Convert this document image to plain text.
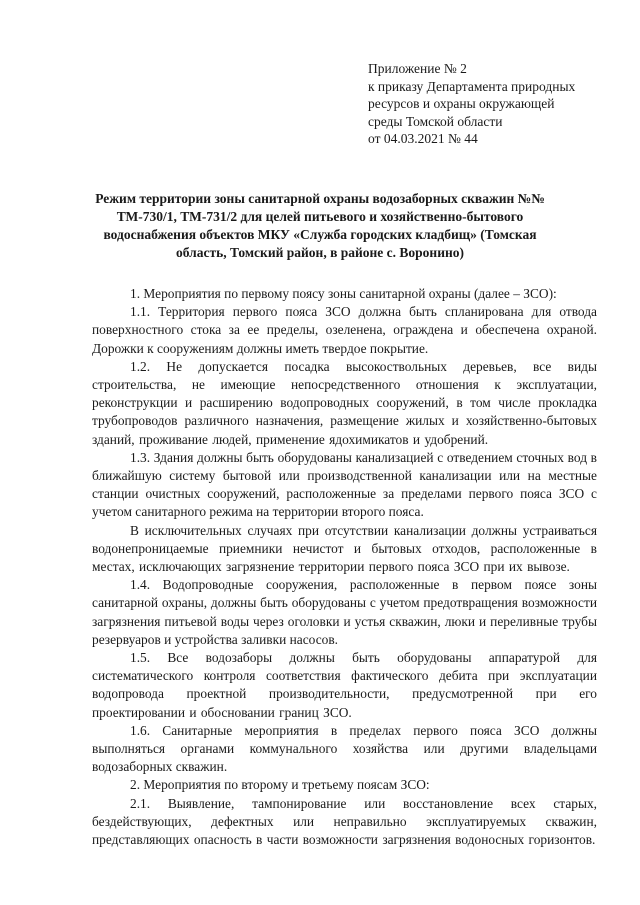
Приложение № 2
к приказу Департамента природных
ресурсов и охраны окружающей
среды Томской области
от 04.03.2021 № 44
Режим территории зоны санитарной охраны водозаборных скважин №№ ТМ-730/1, ТМ-731/2 для целей питьевого и хозяйственно-бытового водоснабжения объектов МКУ «Служба городских кладбищ» (Томская область, Томский район, в районе с. Воронино)

1. Мероприятия по первому поясу зоны санитарной охраны (далее – ЗСО):

1.1. Территория первого пояса ЗСО должна быть спланирована для отвода поверхностного стока за ее пределы, озеленена, ограждена и обеспечена охраной. Дорожки к сооружениям должны иметь твердое покрытие.

1.2. Не допускается посадка высокоствольных деревьев, все виды строительства, не имеющие непосредственного отношения к эксплуатации, реконструкции и расширению водопроводных сооружений, в том числе прокладка трубопроводов различного назначения, размещение жилых и хозяйственно-бытовых зданий, проживание людей, применение ядохимикатов и удобрений.

1.3. Здания должны быть оборудованы канализацией с отведением сточных вод в ближайшую систему бытовой или производственной канализации или на местные станции очистных сооружений, расположенные за пределами первого пояса ЗСО с учетом санитарного режима на территории второго пояса.

В исключительных случаях при отсутствии канализации должны устраиваться водонепроницаемые приемники нечистот и бытовых отходов, расположенные в местах, исключающих загрязнение территории первого пояса ЗСО при их вывозе.

1.4. Водопроводные сооружения, расположенные в первом поясе зоны санитарной охраны, должны быть оборудованы с учетом предотвращения возможности загрязнения питьевой воды через оголовки и устья скважин, люки и переливные трубы резервуаров и устройства заливки насосов.

1.5. Все водозаборы должны быть оборудованы аппаратурой для систематического контроля соответствия фактического дебита при эксплуатации водопровода проектной производительности, предусмотренной при его проектировании и обосновании границ ЗСО.

1.6. Санитарные мероприятия в пределах первого пояса ЗСО должны выполняться органами коммунального хозяйства или другими владельцами водозаборных скважин.

2. Мероприятия по второму и третьему поясам ЗСО:

2.1. Выявление, тампонирование или восстановление всех старых, бездействующих, дефектных или неправильно эксплуатируемых скважин, представляющих опасность в части возможности загрязнения водоносных горизонтов.
